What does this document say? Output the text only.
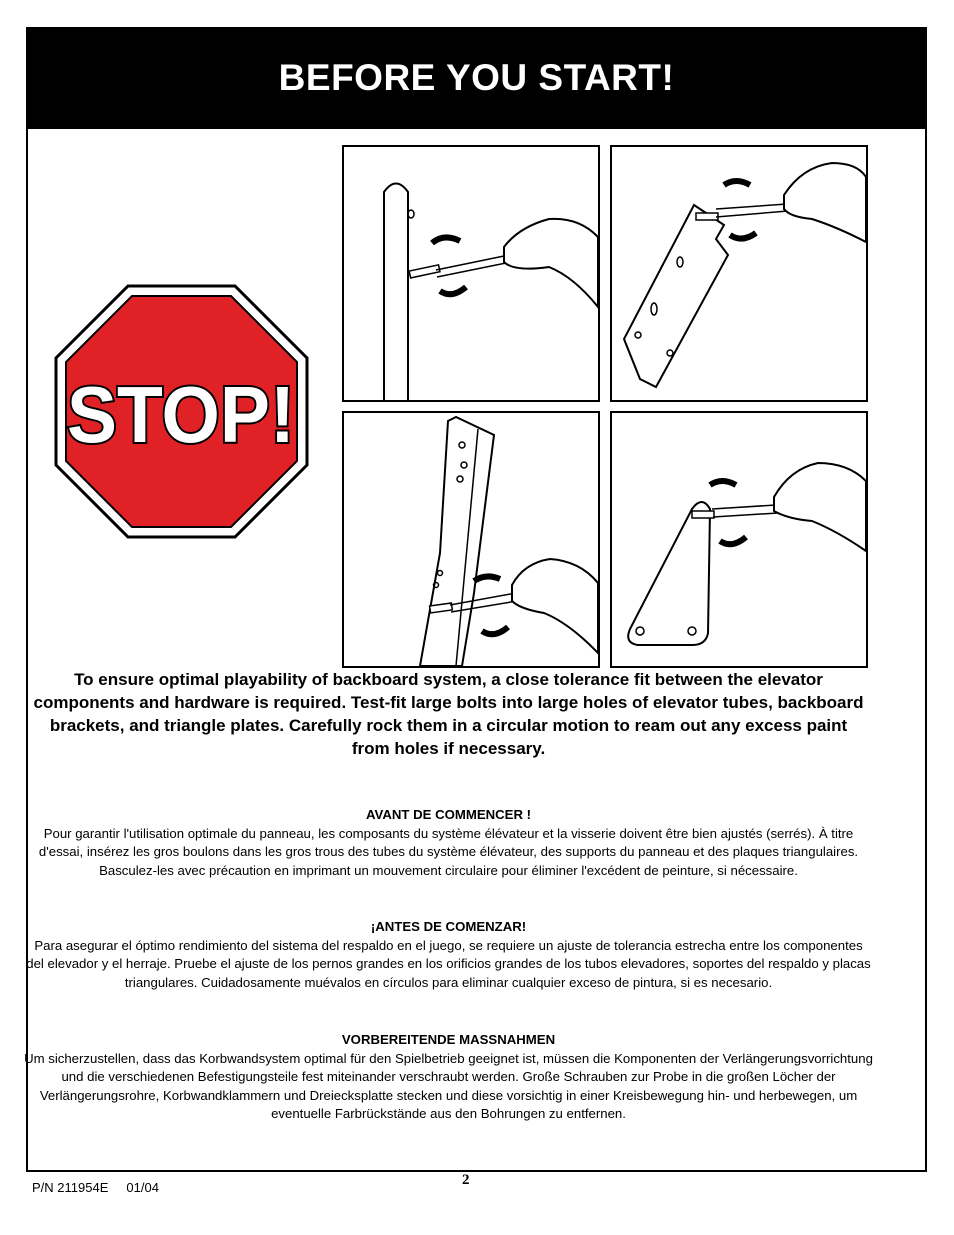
BEFORE YOU START!
STOP!
To ensure optimal playability of backboard system, a close tolerance fit between the elevator components and hardware is required. Test-fit large bolts into large holes of elevator tubes, backboard brackets, and triangle plates. Carefully rock them in a circular motion to ream out any excess paint from holes if necessary.
AVANT DE COMMENCER !
Pour garantir l'utilisation optimale du panneau, les composants du système élévateur et la visserie doivent être bien ajustés (serrés). À titre d'essai, insérez les gros boulons dans les gros trous des tubes du système élévateur, des supports du panneau et des plaques triangulaires. Basculez-les avec précaution en imprimant un mouvement circulaire pour éliminer l'excédent de peinture, si nécessaire.
¡ANTES DE COMENZAR!
Para asegurar el óptimo rendimiento del sistema del respaldo en el juego, se requiere un ajuste de tolerancia estrecha entre los componentes del elevador y el herraje. Pruebe el ajuste de los pernos grandes en los orificios grandes de los tubos elevadores, soportes del respaldo y placas triangulares. Cuidadosamente muévalos en círculos para eliminar cualquier exceso de pintura, si es necesario.
VORBEREITENDE MASSNAHMEN
Um sicherzustellen, dass das Korbwandsystem optimal für den Spielbetrieb geeignet ist, müssen die Komponenten der Verlängerungsvorrichtung und die verschiedenen Befestigungsteile fest miteinander verschraubt werden. Große Schrauben zur Probe in die großen Löcher der Verlängerungsrohre, Korbwandklammern und Dreiecksplatte stecken und diese vorsichtig in einer Kreisbewegung hin- und herbewegen, um eventuelle Farbrückstände aus den Bohrungen zu entfernen.
P/N 211954E     01/04	2
